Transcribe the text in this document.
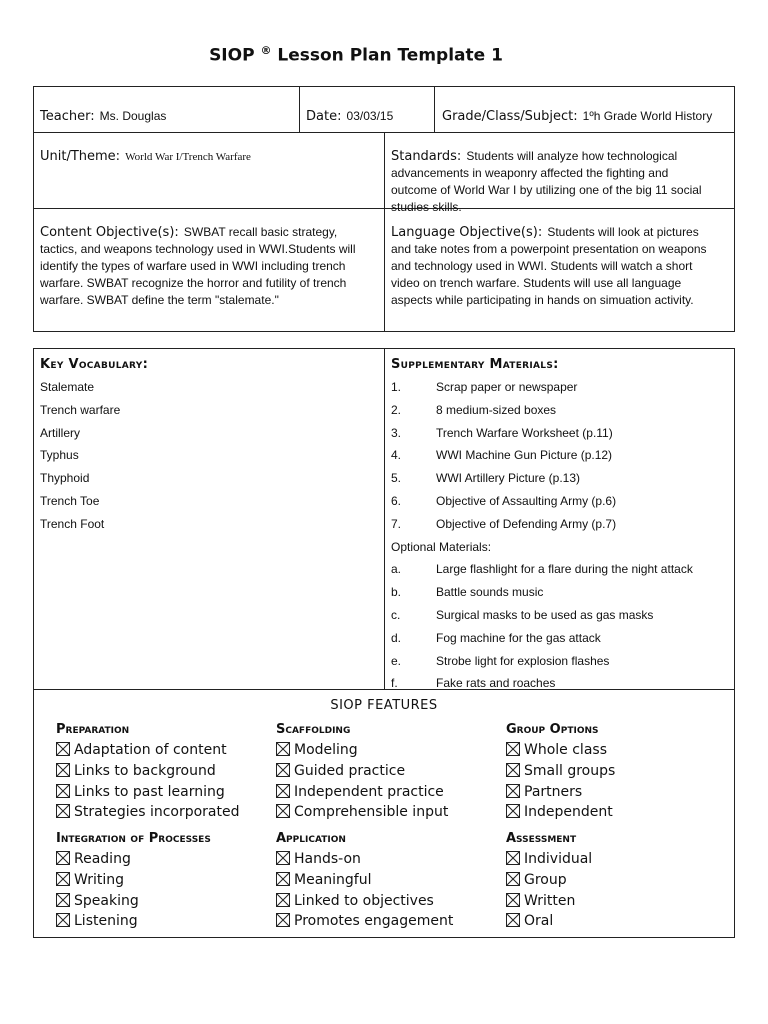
SIOP ® Lesson Plan Template 1
Teacher: Ms. Douglas	Date: 03/03/15	Grade/Class/Subject: 1ºh Grade World History
Unit/Theme: World War I/Trench Warfare	Standards: Students will analyze how technological
advancements in weaponry affected the fighting and
outcome of World War I by utilizing one of the big 11 social
studies skills.
Content Objective(s): SWBAT recall basic strategy,
tactics, and weapons technology used in WWI.Students will
identify the types of warfare used in WWI including trench
warfare. SWBAT recognize the horror and futility of trench
warfare. SWBAT define the term "stalemate."
Language Objective(s): Students will look at pictures
and take notes from a powerpoint presentation on weapons
and technology used in WWI. Students will watch a short
video on trench warfare. Students will use all language
aspects while participating in hands on simuation activity.
Key Vocabulary:
Stalemate
Trench warfare
Artillery
Typhus
Thyphoid
Trench Toe
Trench Foot
Supplementary Materials:
1.	Scrap paper or newspaper
2.	8 medium-sized boxes
3.	Trench Warfare Worksheet (p.11)
4.	WWI Machine Gun Picture (p.12)
5.	WWI Artillery Picture (p.13)
6.	Objective of Assaulting Army (p.6)
7.	Objective of Defending Army (p.7)
Optional Materials:
a.	Large flashlight for a flare during the night attack
b.	Battle sounds music
c.	Surgical masks to be used as gas masks
d.	Fog machine for the gas attack
e.	Strobe light for explosion flashes
f.	Fake rats and roaches
SIOP FEATURES
Preparation
Adaptation of content
Links to background
Links to past learning
Strategies incorporated
Scaffolding
Modeling
Guided practice
Independent practice
Comprehensible input
Group Options
Whole class
Small groups
Partners
Independent
Integration of Processes
Reading
Writing
Speaking
Listening
Application
Hands-on
Meaningful
Linked to objectives
Promotes engagement
Assessment
Individual
Group
Written
Oral
